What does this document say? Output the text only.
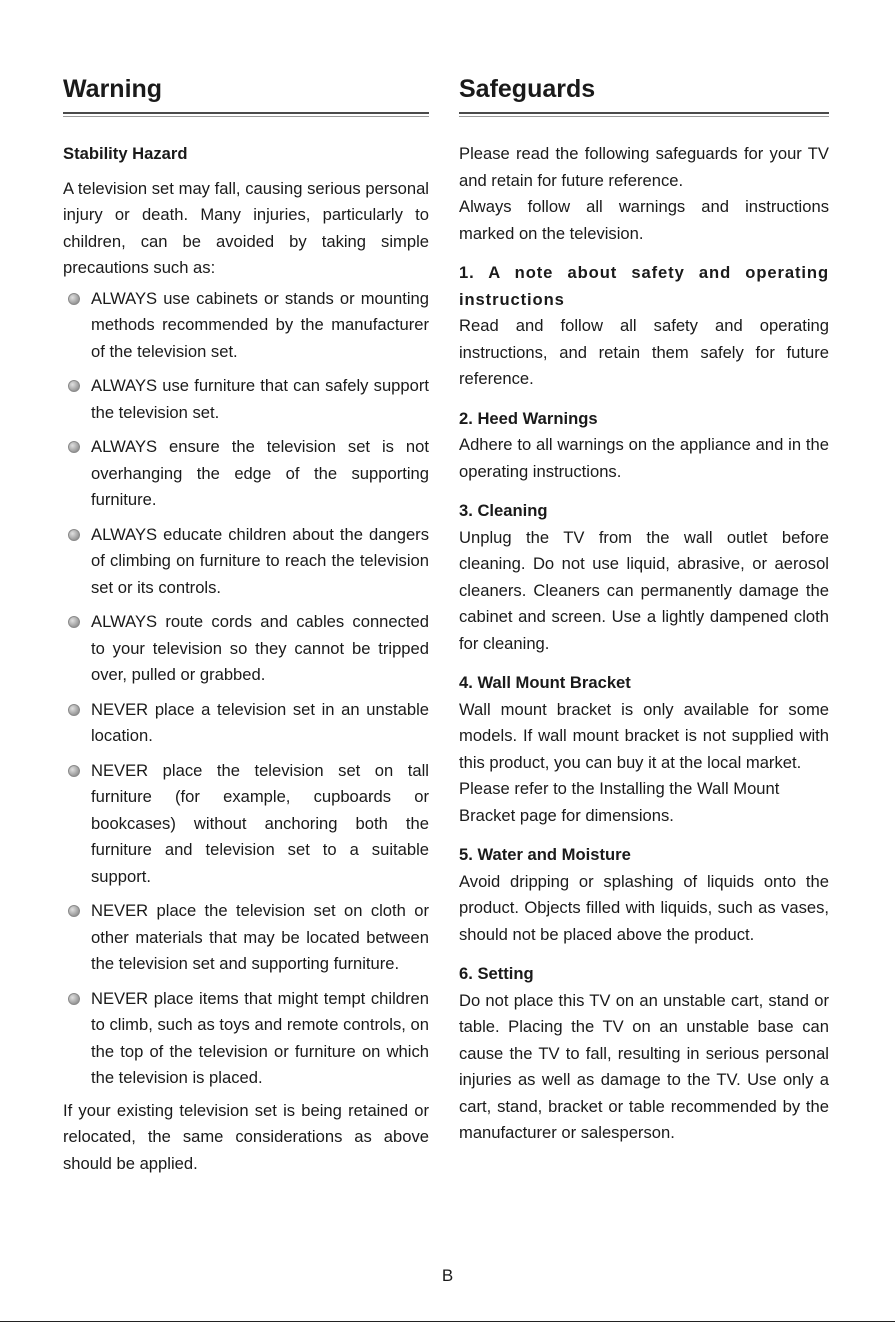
Warning

Stability Hazard

A television set may fall, causing serious personal injury or death. Many injuries, particularly to children, can be avoided by taking simple precautions such as:

ALWAYS use cabinets or stands or mounting methods recommended by the manufacturer of the television set.

ALWAYS use furniture that can safely support the television set.

ALWAYS ensure the television set is not overhanging the edge of the supporting furniture.

ALWAYS educate children about the dangers of climbing on furniture to reach the television set or its controls.

ALWAYS route cords and cables connected to your television so they cannot be tripped over, pulled or grabbed.

NEVER place a television set in an unstable location.

NEVER place the television set on tall furniture (for example, cupboards or bookcases) without anchoring both the furniture and television set to a suitable support.

NEVER place the television set on cloth or other materials that may be located between the television set and supporting furniture.

NEVER place items that might tempt children to climb, such as toys and remote controls, on the top of the television or furniture on which the television is placed.

If your existing television set is being retained or relocated, the same considerations as above should be applied.

Safeguards

Please read the following safeguards for your TV and retain for future reference.

Always follow all warnings and instructions marked on the television.

1. A note about safety and operating instructions

Read and follow all safety and operating instructions, and retain them safely for future reference.

2. Heed Warnings

Adhere to all warnings on the appliance and in the operating instructions.

3. Cleaning

Unplug the TV from the wall outlet before cleaning. Do not use liquid, abrasive, or aerosol cleaners. Cleaners can permanently damage the cabinet and screen. Use a lightly dampened cloth for cleaning.

4. Wall Mount Bracket

Wall mount bracket is only available for some models. If wall mount bracket is not supplied with this product, you can buy it at the local market.

Please refer to the Installing the Wall Mount Bracket page for dimensions.

5. Water and Moisture

Avoid dripping or splashing of liquids onto the product. Objects filled with liquids, such as vases, should not be placed above the product.

6. Setting

Do not place this TV on an unstable cart, stand or table. Placing the TV on an unstable base can cause the TV to fall, resulting in serious personal injuries as well as damage to the TV. Use only a cart, stand, bracket or table recommended by the manufacturer or salesperson.

B
